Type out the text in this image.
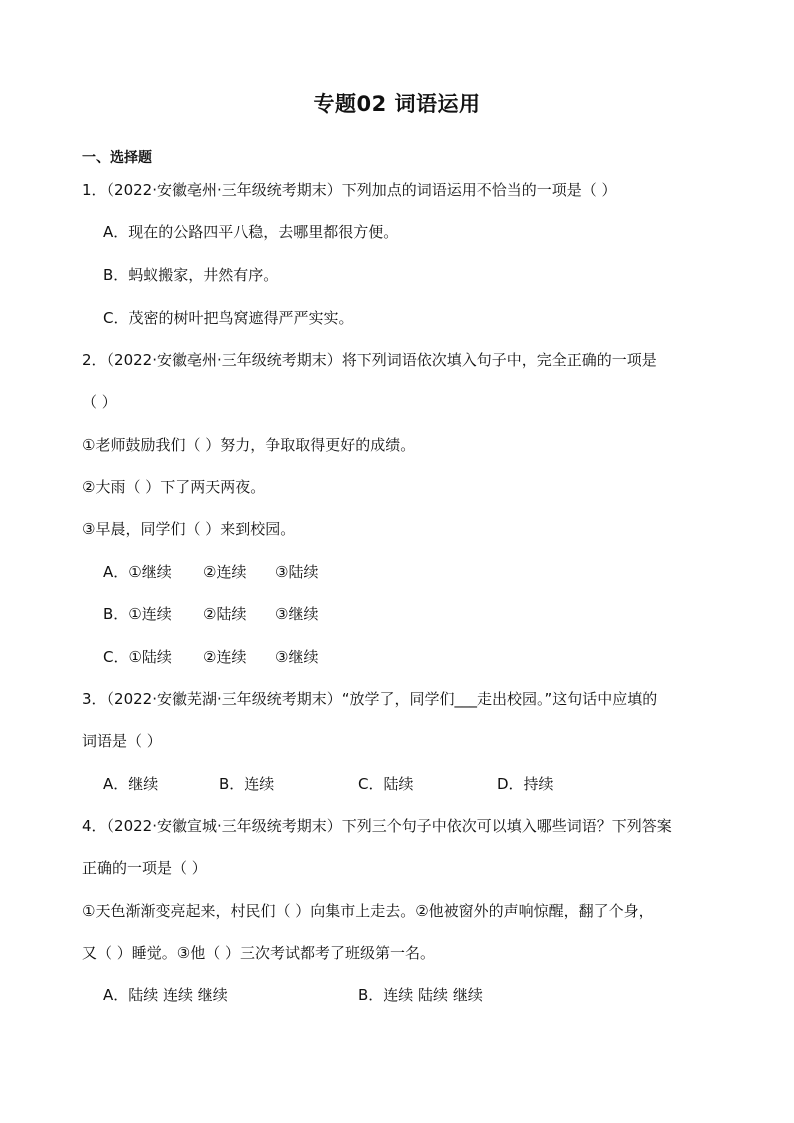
专题02 词语运用
一、选择题
1．（2022·安徽亳州·三年级统考期末）下列加点的词语运用不恰当的一项是（ ）
A．现在的公路四平八稳，去哪里都很方便。
B．蚂蚁搬家，井然有序。
C．茂密的树叶把鸟窝遮得严严实实。
2．（2022·安徽亳州·三年级统考期末）将下列词语依次填入句子中，完全正确的一项是
（ ）
①老师鼓励我们（ ）努力，争取取得更好的成绩。
②大雨（ ）下了两天两夜。
③早晨，同学们（ ）来到校园。
A．①继续 ②连续 ③陆续
B．①连续 ②陆续 ③继续
C．①陆续 ②连续 ③继续
3．（2022·安徽芜湖·三年级统考期末）“放学了，同学们___走出校园。”这句话中应填的
词语是（ ）
A．继续	B．连续	C．陆续	D．持续
4．（2022·安徽宣城·三年级统考期末）下列三个句子中依次可以填入哪些词语？下列答案
正确的一项是（ ）
①天色渐渐变亮起来，村民们（ ）向集市上走去。②他被窗外的声响惊醒，翻了个身，
又（ ）睡觉。③他（ ）三次考试都考了班级第一名。
A．陆续 连续 继续	B．连续 陆续 继续
